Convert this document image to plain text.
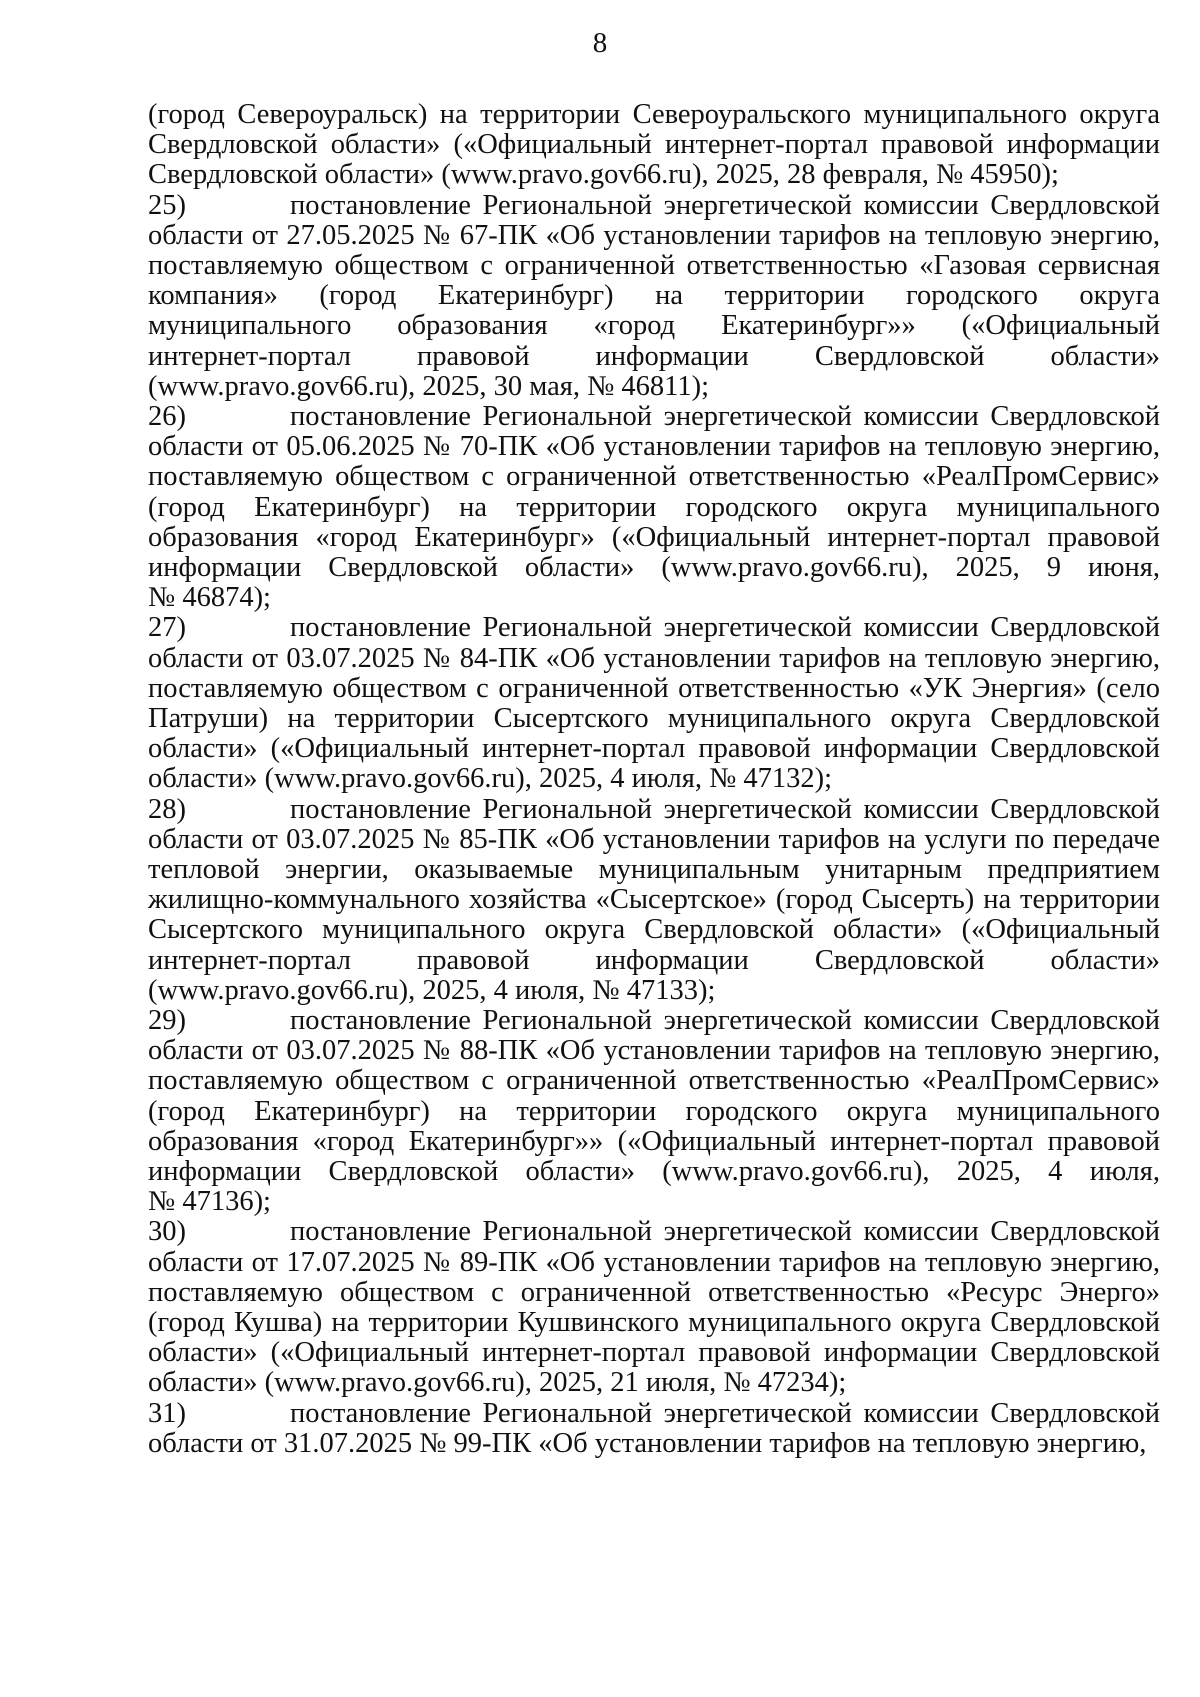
8
(город Североуральск) на территории Североуральского муниципального округа
Свердловской области» («Официальный интернет-портал правовой информации
Свердловской области» (www.pravo.gov66.ru), 2025, 28 февраля, № 45950);
25)	постановление Региональной энергетической комиссии Свердловской
области от 27.05.2025 № 67-ПК «Об установлении тарифов на тепловую энергию,
поставляемую обществом с ограниченной ответственностью «Газовая сервисная
компания» (город Екатеринбург) на территории городского округа
муниципального образования «город Екатеринбург»» («Официальный
интернет-портал правовой информации Свердловской области»
(www.pravo.gov66.ru), 2025, 30 мая, № 46811);
26)	постановление Региональной энергетической комиссии Свердловской
области от 05.06.2025 № 70-ПК «Об установлении тарифов на тепловую энергию,
поставляемую обществом с ограниченной ответственностью «РеалПромСервис»
(город Екатеринбург) на территории городского округа муниципального
образования «город Екатеринбург» («Официальный интернет-портал правовой
информации Свердловской области» (www.pravo.gov66.ru), 2025, 9 июня,
№ 46874);
27)	постановление Региональной энергетической комиссии Свердловской
области от 03.07.2025 № 84-ПК «Об установлении тарифов на тепловую энергию,
поставляемую обществом с ограниченной ответственностью «УК Энергия» (село
Патруши) на территории Сысертского муниципального округа Свердловской
области» («Официальный интернет-портал правовой информации Свердловской
области» (www.pravo.gov66.ru), 2025, 4 июля, № 47132);
28)	постановление Региональной энергетической комиссии Свердловской
области от 03.07.2025 № 85-ПК «Об установлении тарифов на услуги по передаче
тепловой энергии, оказываемые муниципальным унитарным предприятием
жилищно-коммунального хозяйства «Сысертское» (город Сысерть) на территории
Сысертского муниципального округа Свердловской области» («Официальный
интернет-портал правовой информации Свердловской области»
(www.pravo.gov66.ru), 2025, 4 июля, № 47133);
29)	постановление Региональной энергетической комиссии Свердловской
области от 03.07.2025 № 88-ПК «Об установлении тарифов на тепловую энергию,
поставляемую обществом с ограниченной ответственностью «РеалПромСервис»
(город Екатеринбург) на территории городского округа муниципального
образования «город Екатеринбург»» («Официальный интернет-портал правовой
информации Свердловской области» (www.pravo.gov66.ru), 2025, 4 июля,
№ 47136);
30)	постановление Региональной энергетической комиссии Свердловской
области от 17.07.2025 № 89-ПК «Об установлении тарифов на тепловую энергию,
поставляемую обществом с ограниченной ответственностью «Ресурс Энерго»
(город Кушва) на территории Кушвинского муниципального округа Свердловской
области» («Официальный интернет-портал правовой информации Свердловской
области» (www.pravo.gov66.ru), 2025, 21 июля, № 47234);
31)	постановление Региональной энергетической комиссии Свердловской
области от 31.07.2025 № 99-ПК «Об установлении тарифов на тепловую энергию,
